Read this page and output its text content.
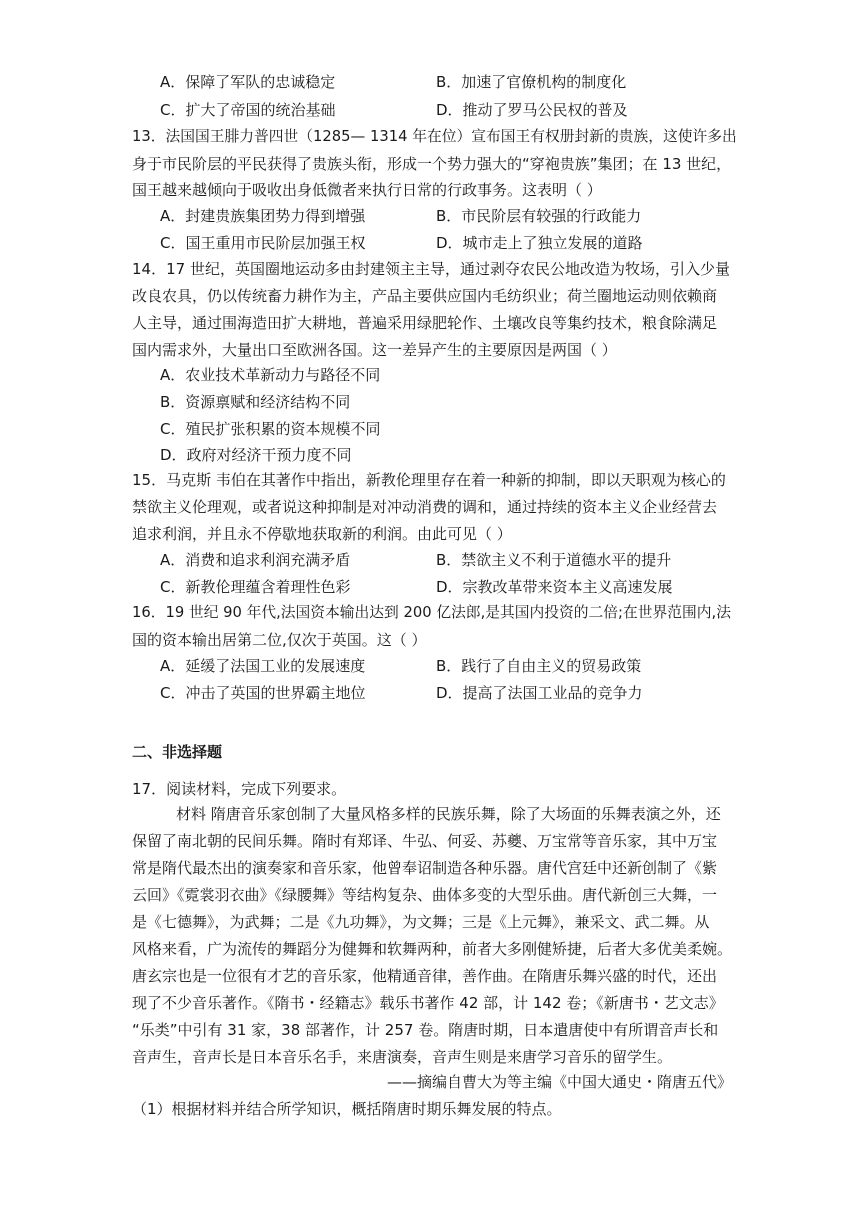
A．保障了军队的忠诚稳定	B．加速了官僚机构的制度化
C．扩大了帝国的统治基础	D．推动了罗马公民权的普及
13．法国国王腓力普四世（1285— 1314 年在位）宣布国王有权册封新的贵族，这使许多出
身于市民阶层的平民获得了贵族头衔，形成一个势力强大的“穿袍贵族”集团；在 13 世纪，
国王越来越倾向于吸收出身低微者来执行日常的行政事务。这表明（ ）
A．封建贵族集团势力得到增强	B．市民阶层有较强的行政能力
C．国王重用市民阶层加强王权	D．城市走上了独立发展的道路
14．17 世纪，英国圈地运动多由封建领主主导，通过剥夺农民公地改造为牧场，引入少量
改良农具，仍以传统畜力耕作为主，产品主要供应国内毛纺织业；荷兰圈地运动则依赖商
人主导，通过围海造田扩大耕地，普遍采用绿肥轮作、土壤改良等集约技术，粮食除满足
国内需求外，大量出口至欧洲各国。这一差异产生的主要原因是两国（ ）
A．农业技术革新动力与路径不同
B．资源禀赋和经济结构不同
C．殖民扩张积累的资本规模不同
D．政府对经济干预力度不同
15．马克斯 韦伯在其著作中指出，新教伦理里存在着一种新的抑制，即以天职观为核心的
禁欲主义伦理观，或者说这种抑制是对冲动消费的调和，通过持续的资本主义企业经营去
追求利润，并且永不停歇地获取新的利润。由此可见（ ）
A．消费和追求利润充满矛盾	B．禁欲主义不利于道德水平的提升
C．新教伦理蕴含着理性色彩	D．宗教改革带来资本主义高速发展
16．19 世纪 90 年代,法国资本输出达到 200 亿法郎,是其国内投资的二倍;在世界范围内,法
国的资本输出居第二位,仅次于英国。这（ ）
A．延缓了法国工业的发展速度	B．践行了自由主义的贸易政策
C．冲击了英国的世界霸主地位	D．提高了法国工业品的竞争力
二、非选择题
17．阅读材料，完成下列要求。
材料 隋唐音乐家创制了大量风格多样的民族乐舞，除了大场面的乐舞表演之外，还
保留了南北朝的民间乐舞。隋时有郑译、牛弘、何妥、苏夔、万宝常等音乐家，其中万宝
常是隋代最杰出的演奏家和音乐家，他曾奉诏制造各种乐器。唐代宫廷中还新创制了《紫
云回》《霓裳羽衣曲》《绿腰舞》等结构复杂、曲体多变的大型乐曲。唐代新创三大舞，一
是《七德舞》，为武舞；二是《九功舞》，为文舞；三是《上元舞》，兼采文、武二舞。从
风格来看，广为流传的舞蹈分为健舞和软舞两种，前者大多刚健矫捷，后者大多优美柔婉。
唐玄宗也是一位很有才艺的音乐家，他精通音律，善作曲。在隋唐乐舞兴盛的时代，还出
现了不少音乐著作。《隋书・经籍志》载乐书著作 42 部，计 142 卷；《新唐书・艺文志》
“乐类”中引有 31 家，38 部著作，计 257 卷。隋唐时期，日本遣唐使中有所谓音声长和
音声生，音声长是日本音乐名手，来唐演奏，音声生则是来唐学习音乐的留学生。
——摘编自曹大为等主编《中国大通史・隋唐五代》
（1）根据材料并结合所学知识，概括隋唐时期乐舞发展的特点。
